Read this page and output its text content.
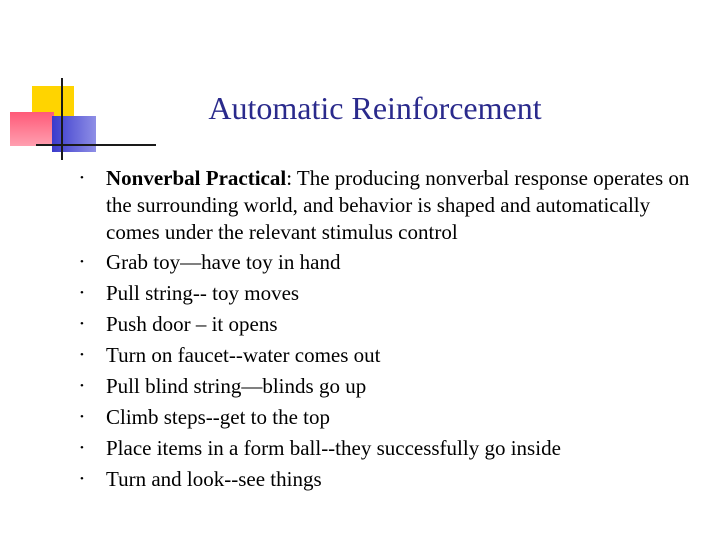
Automatic Reinforcement
•	Nonverbal Practical: The producing nonverbal response operates on the surrounding world, and behavior is shaped and automatically comes under the relevant stimulus control
•	Grab toy—have toy in hand
•	Pull string-- toy moves
•	Push door – it opens
•	Turn on faucet--water comes out
•	Pull blind string—blinds go up
•	Climb steps--get to the top
•	Place items in a form ball--they successfully go inside
•	Turn and look--see things
